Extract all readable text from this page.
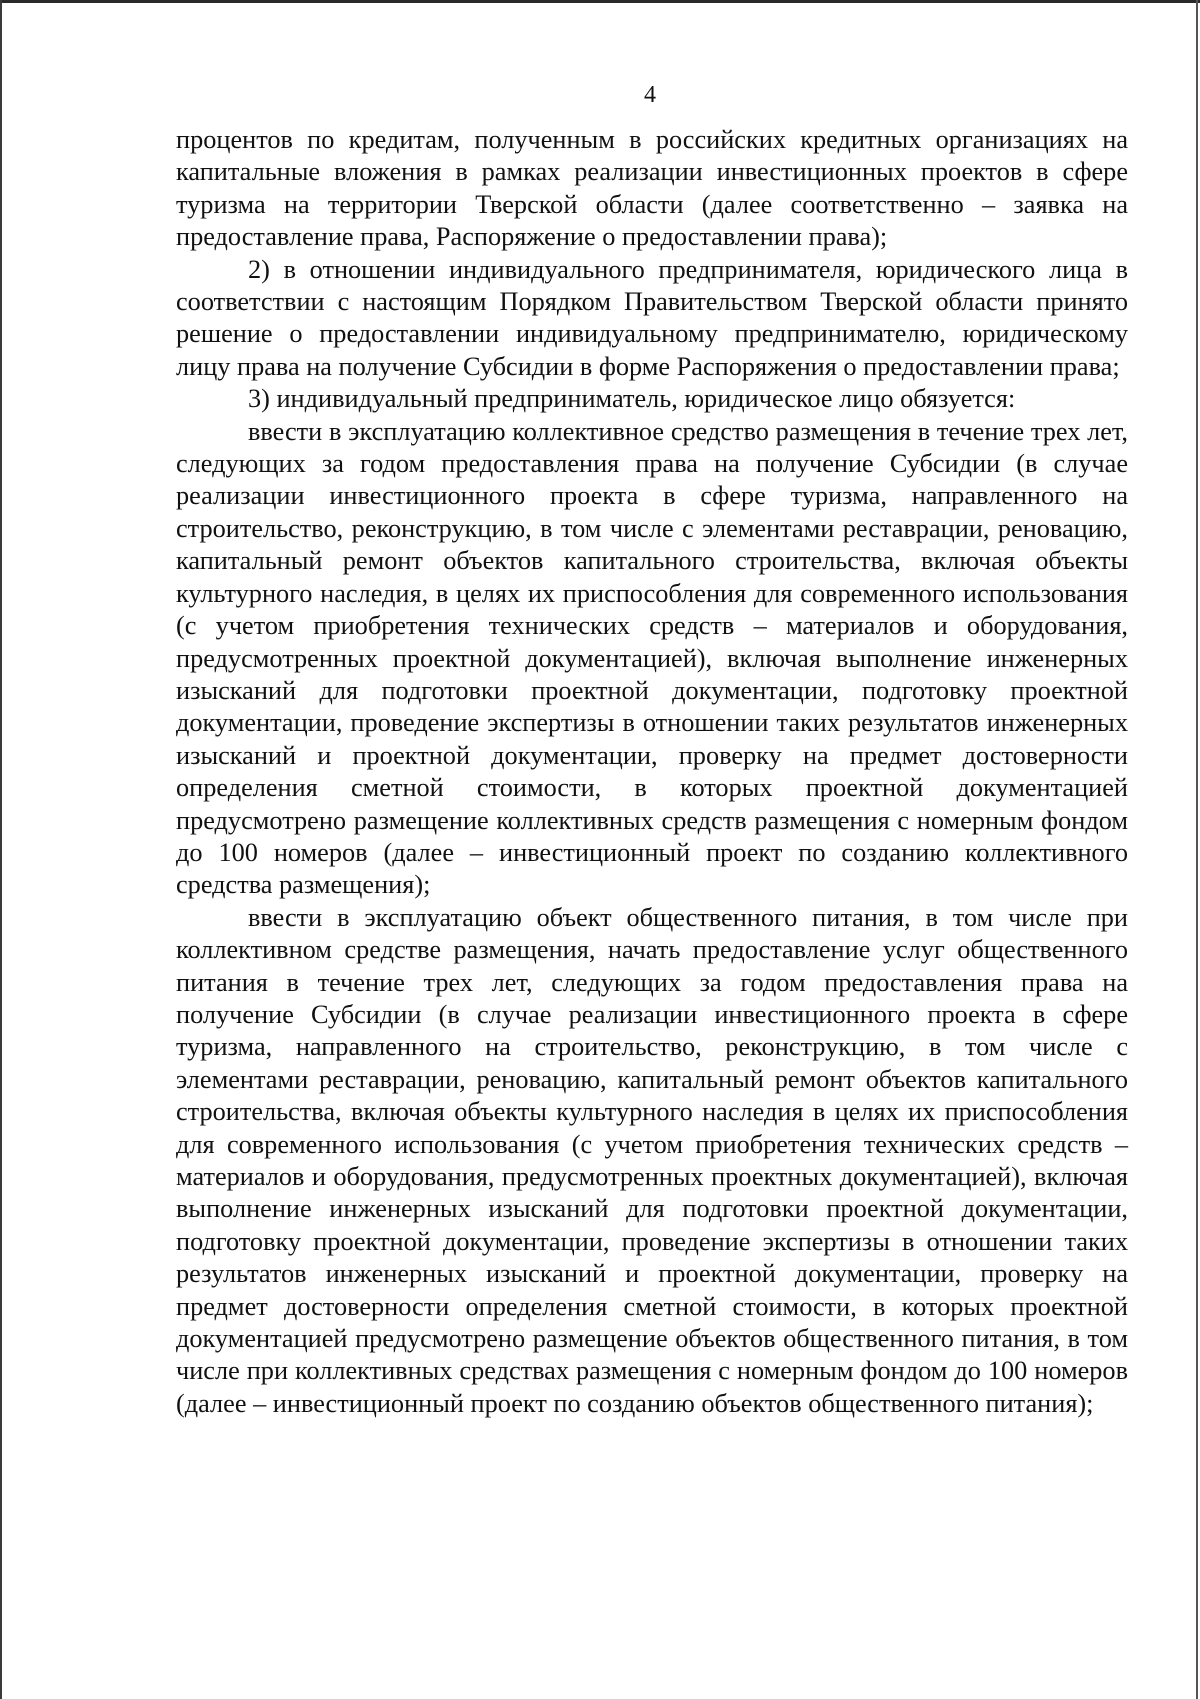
4

процентов по кредитам, полученным в российских кредитных организациях на капитальные вложения в рамках реализации инвестиционных проектов в сфере туризма на территории Тверской области (далее соответственно – заявка на предоставление права, Распоряжение о предоставлении права);

2) в отношении индивидуального предпринимателя, юридического лица в соответствии с настоящим Порядком Правительством Тверской области принято решение о предоставлении индивидуальному предпринимателю, юридическому лицу права на получение Субсидии в форме Распоряжения о предоставлении права;

3) индивидуальный предприниматель, юридическое лицо обязуется:

ввести в эксплуатацию коллективное средство размещения в течение трех лет, следующих за годом предоставления права на получение Субсидии (в случае реализации инвестиционного проекта в сфере туризма, направленного на строительство, реконструкцию, в том числе с элементами реставрации, реновацию, капитальный ремонт объектов капитального строительства, включая объекты культурного наследия, в целях их приспособления для современного использования (с учетом приобретения технических средств – материалов и оборудования, предусмотренных проектной документацией), включая выполнение инженерных изысканий для подготовки проектной документации, подготовку проектной документации, проведение экспертизы в отношении таких результатов инженерных изысканий и проектной документации, проверку на предмет достоверности определения сметной стоимости, в которых проектной документацией предусмотрено размещение коллективных средств размещения с номерным фондом до 100 номеров (далее – инвестиционный проект по созданию коллективного средства размещения);

ввести в эксплуатацию объект общественного питания, в том числе при коллективном средстве размещения, начать предоставление услуг общественного питания в течение трех лет, следующих за годом предоставления права на получение Субсидии (в случае реализации инвестиционного проекта в сфере туризма, направленного на строительство, реконструкцию, в том числе с элементами реставрации, реновацию, капитальный ремонт объектов капитального строительства, включая объекты культурного наследия в целях их приспособления для современного использования (с учетом приобретения технических средств – материалов и оборудования, предусмотренных проектных документацией), включая выполнение инженерных изысканий для подготовки проектной документации, подготовку проектной документации, проведение экспертизы в отношении таких результатов инженерных изысканий и проектной документации, проверку на предмет достоверности определения сметной стоимости, в которых проектной документацией предусмотрено размещение объектов общественного питания, в том числе при коллективных средствах размещения с номерным фондом до 100 номеров (далее – инвестиционный проект по созданию объектов общественного питания);
